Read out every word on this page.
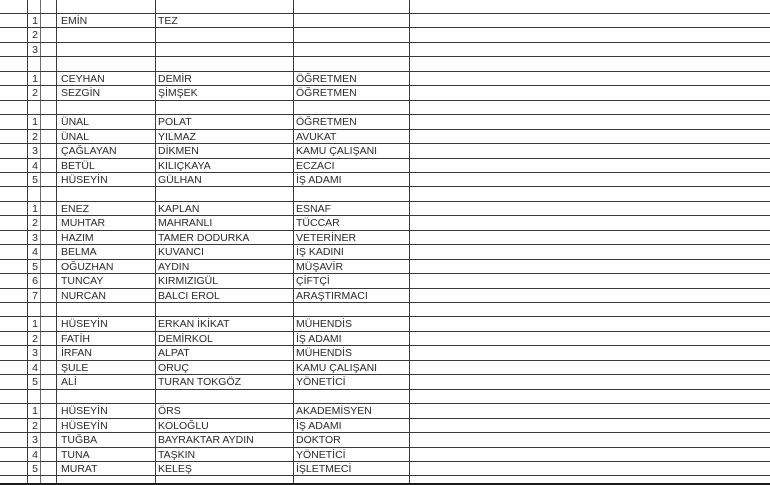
1 EMİN	TEZ
2
3
1 CEYHAN	DEMİR	ÖĞRETMEN
2 SEZGİN	ŞİMŞEK	ÖĞRETMEN
1 ÜNAL	POLAT	ÖĞRETMEN
2 ÜNAL	YILMAZ	AVUKAT
3 ÇAĞLAYAN	DİKMEN	KAMU ÇALIŞANI
4 BETÜL	KILIÇKAYA	ECZACI
5 HÜSEYİN	GÜLHAN	İŞ ADAMI
1 ENEZ	KAPLAN	ESNAF
2 MUHTAR	MAHRANLI	TÜCCAR
3 HAZIM	TAMER DODURKA	VETERİNER
4 BELMA	KUVANCI	İŞ KADINI
5 OĞUZHAN	AYDIN	MÜŞAVİR
6 TUNCAY	KIRMIZIGÜL	ÇİFTÇİ
7 NURCAN	BALCI EROL	ARAŞTIRMACI
1 HÜSEYİN	ERKAN İKİKAT	MÜHENDİS
2 FATİH	DEMİRKOL	İŞ ADAMI
3 İRFAN	ALPAT	MÜHENDİS
4 ŞULE	ORUÇ	KAMU ÇALIŞANI
5 ALİ	TURAN TOKGÖZ	YÖNETİCİ
1 HÜSEYİN	ÖRS	AKADEMİSYEN
2 HÜSEYİN	KOLOĞLU	İŞ ADAMI
3 TUĞBA	BAYRAKTAR AYDIN	DOKTOR
4 TUNA	TAŞKIN	YÖNETİCİ
5 MURAT	KELEŞ	İŞLETMECİ
